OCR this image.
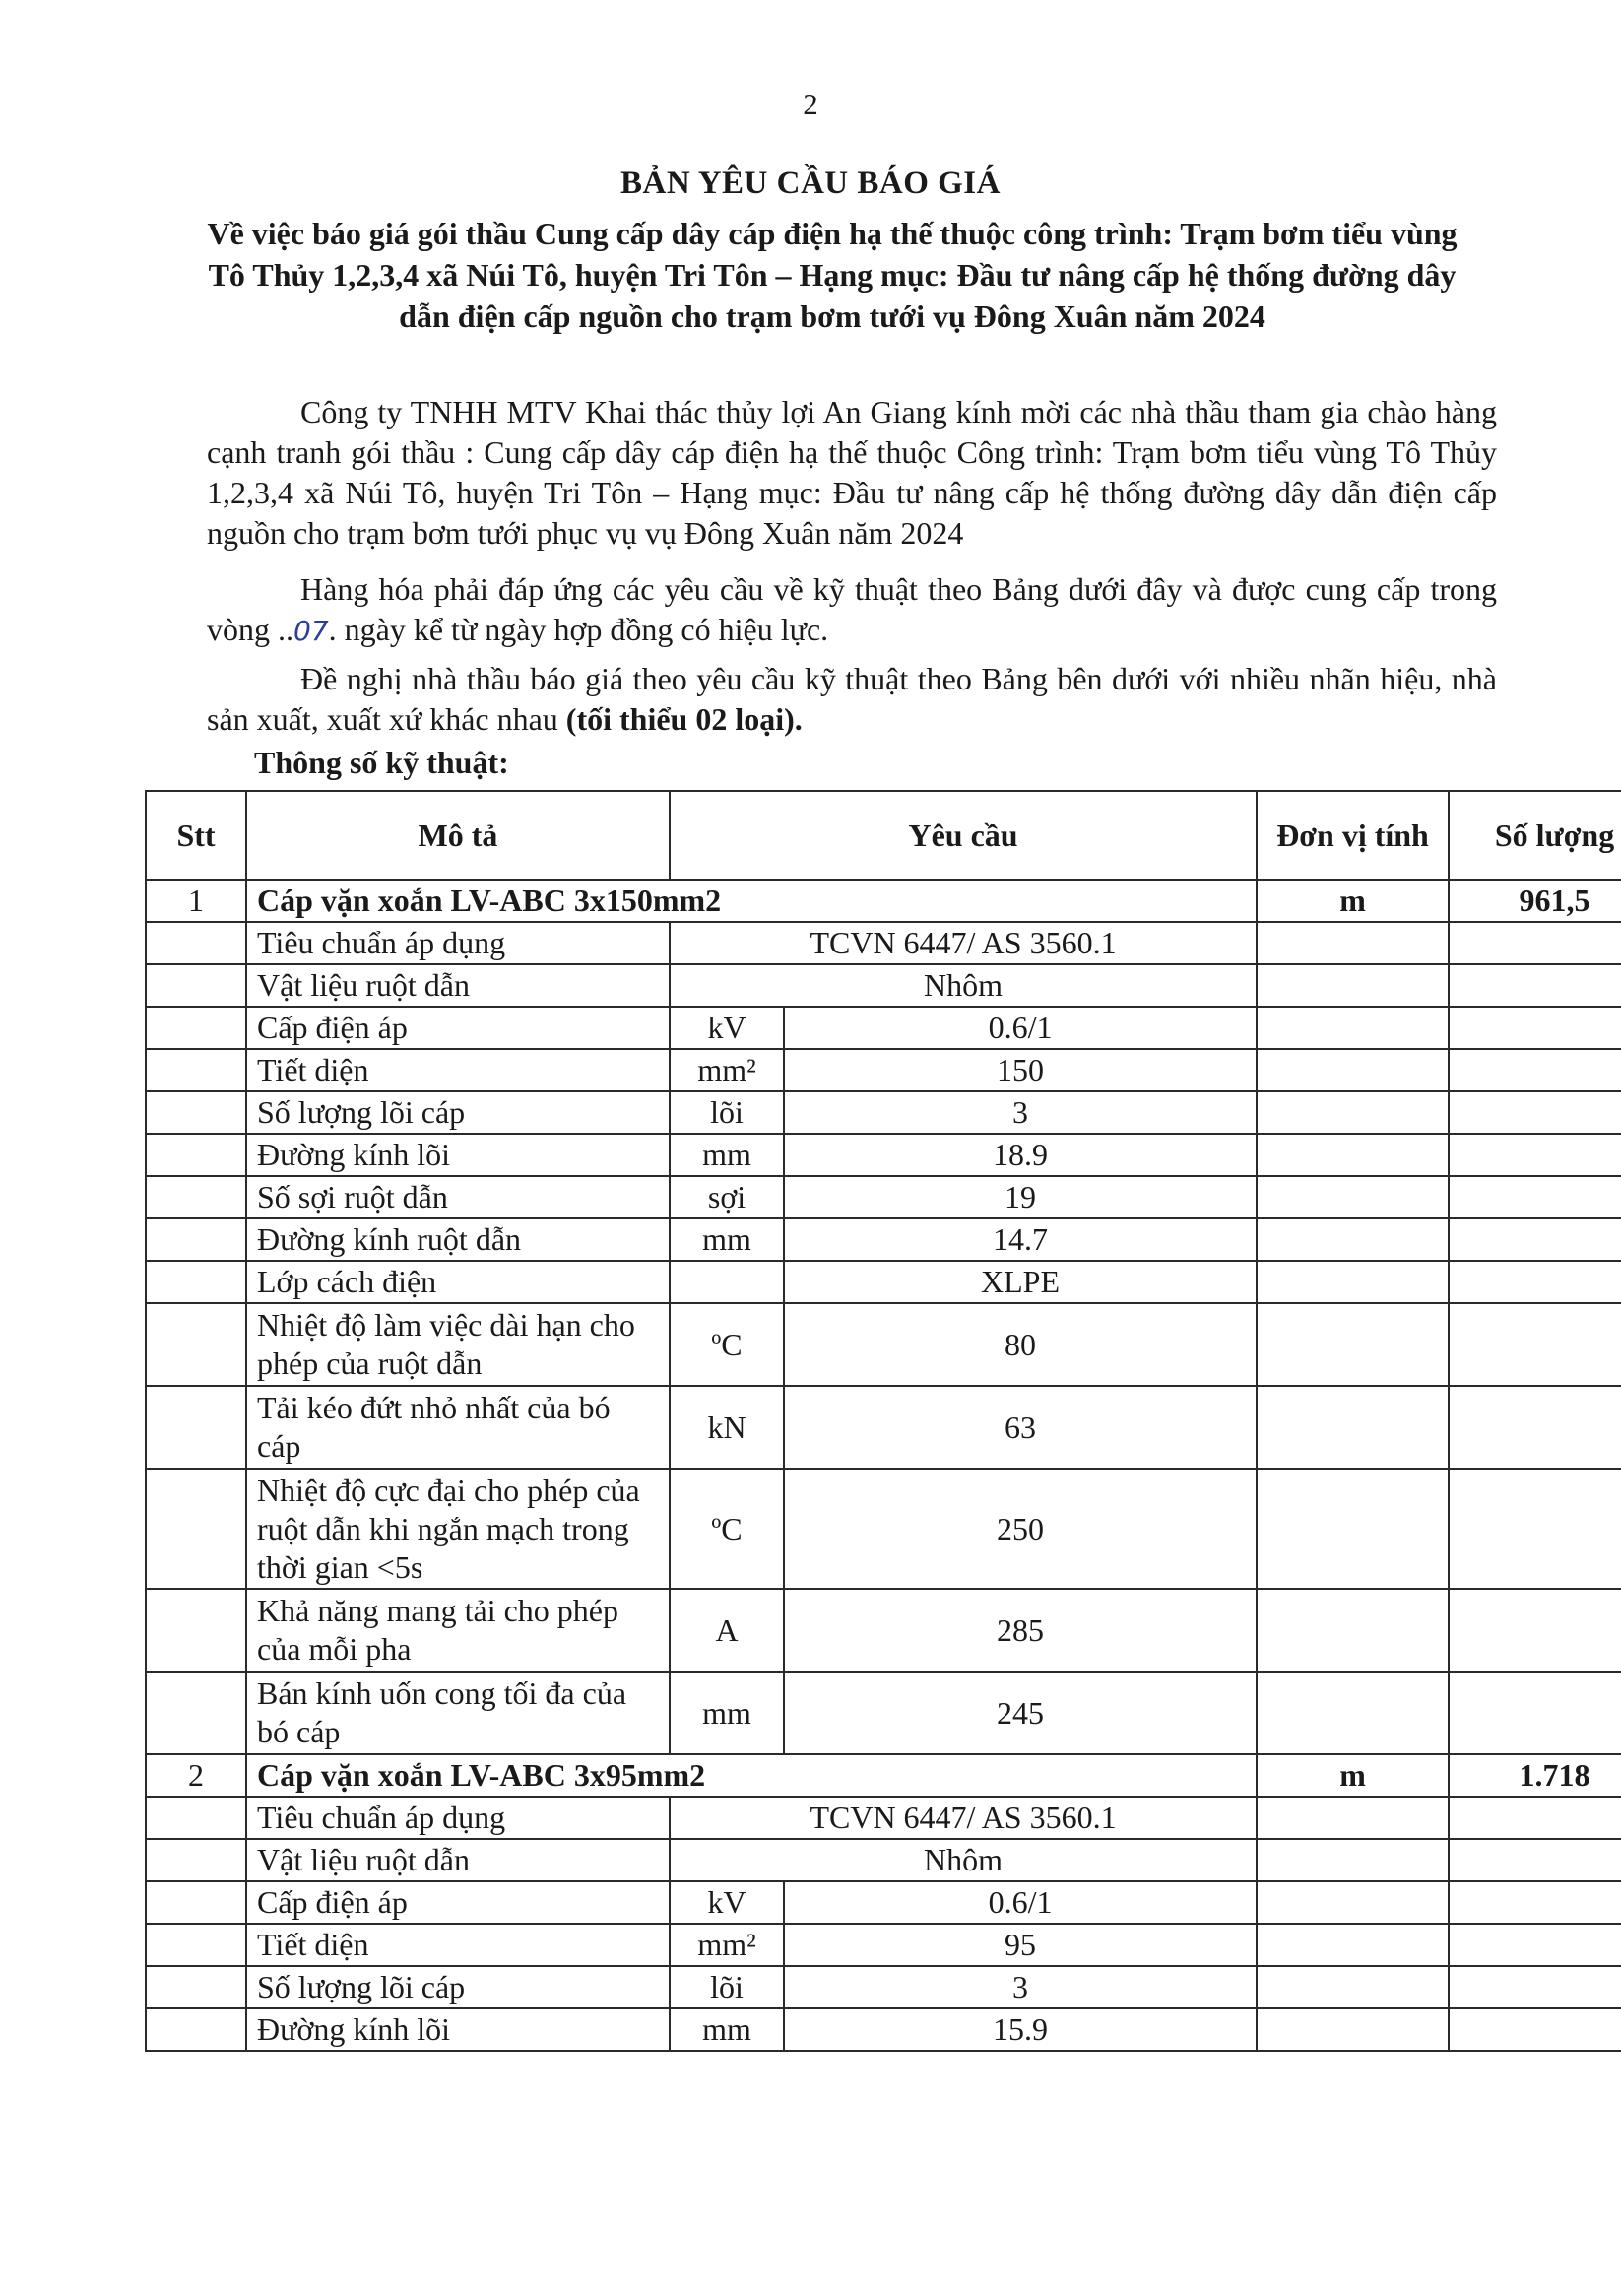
2
BẢN YÊU CẦU BÁO GIÁ
Về việc báo giá gói thầu Cung cấp dây cáp điện hạ thế thuộc công trình: Trạm bơm tiểu vùng Tô Thủy 1,2,3,4 xã Núi Tô, huyện Tri Tôn – Hạng mục: Đầu tư nâng cấp hệ thống đường dây dẫn điện cấp nguồn cho trạm bơm tưới vụ Đông Xuân năm 2024
Công ty TNHH MTV Khai thác thủy lợi An Giang kính mời các nhà thầu tham gia chào hàng cạnh tranh gói thầu : Cung cấp dây cáp điện hạ thế thuộc Công trình: Trạm bơm tiểu vùng Tô Thủy 1,2,3,4 xã Núi Tô, huyện Tri Tôn – Hạng mục: Đầu tư nâng cấp hệ thống đường dây dẫn điện cấp nguồn cho trạm bơm tưới phục vụ vụ Đông Xuân năm 2024
Hàng hóa phải đáp ứng các yêu cầu về kỹ thuật theo Bảng dưới đây và được cung cấp trong vòng ..07. ngày kể từ ngày hợp đồng có hiệu lực.
Đề nghị nhà thầu báo giá theo yêu cầu kỹ thuật theo Bảng bên dưới với nhiều nhãn hiệu, nhà sản xuất, xuất xứ khác nhau (tối thiểu 02 loại).
Thông số kỹ thuật:
Stt	Mô tả	Yêu cầu		Đơn vị tính	Số lượng
1	Cáp vặn xoắn LV-ABC 3x150mm2			m	961,5
	Tiêu chuẩn áp dụng	TCVN 6447/ AS 3560.1			
	Vật liệu ruột dẫn	Nhôm			
	Cấp điện áp	kV	0.6/1		
	Tiết diện	mm²	150		
	Số lượng lõi cáp	lõi	3		
	Đường kính lõi	mm	18.9		
	Số sợi ruột dẫn	sợi	19		
	Đường kính ruột dẫn	mm	14.7		
	Lớp cách điện		XLPE		
	Nhiệt độ làm việc dài hạn cho phép của ruột dẫn	ºC	80		
	Tải kéo đứt nhỏ nhất của bó cáp	kN	63		
	Nhiệt độ cực đại cho phép của ruột dẫn khi ngắn mạch trong thời gian <5s	ºC	250		
	Khả năng mang tải cho phép của mỗi pha	A	285		
	Bán kính uốn cong tối đa của bó cáp	mm	245		
2	Cáp vặn xoắn LV-ABC 3x95mm2			m	1.718
	Tiêu chuẩn áp dụng	TCVN 6447/ AS 3560.1			
	Vật liệu ruột dẫn	Nhôm			
	Cấp điện áp	kV	0.6/1		
	Tiết diện	mm²	95		
	Số lượng lõi cáp	lõi	3		
	Đường kính lõi	mm	15.9		
